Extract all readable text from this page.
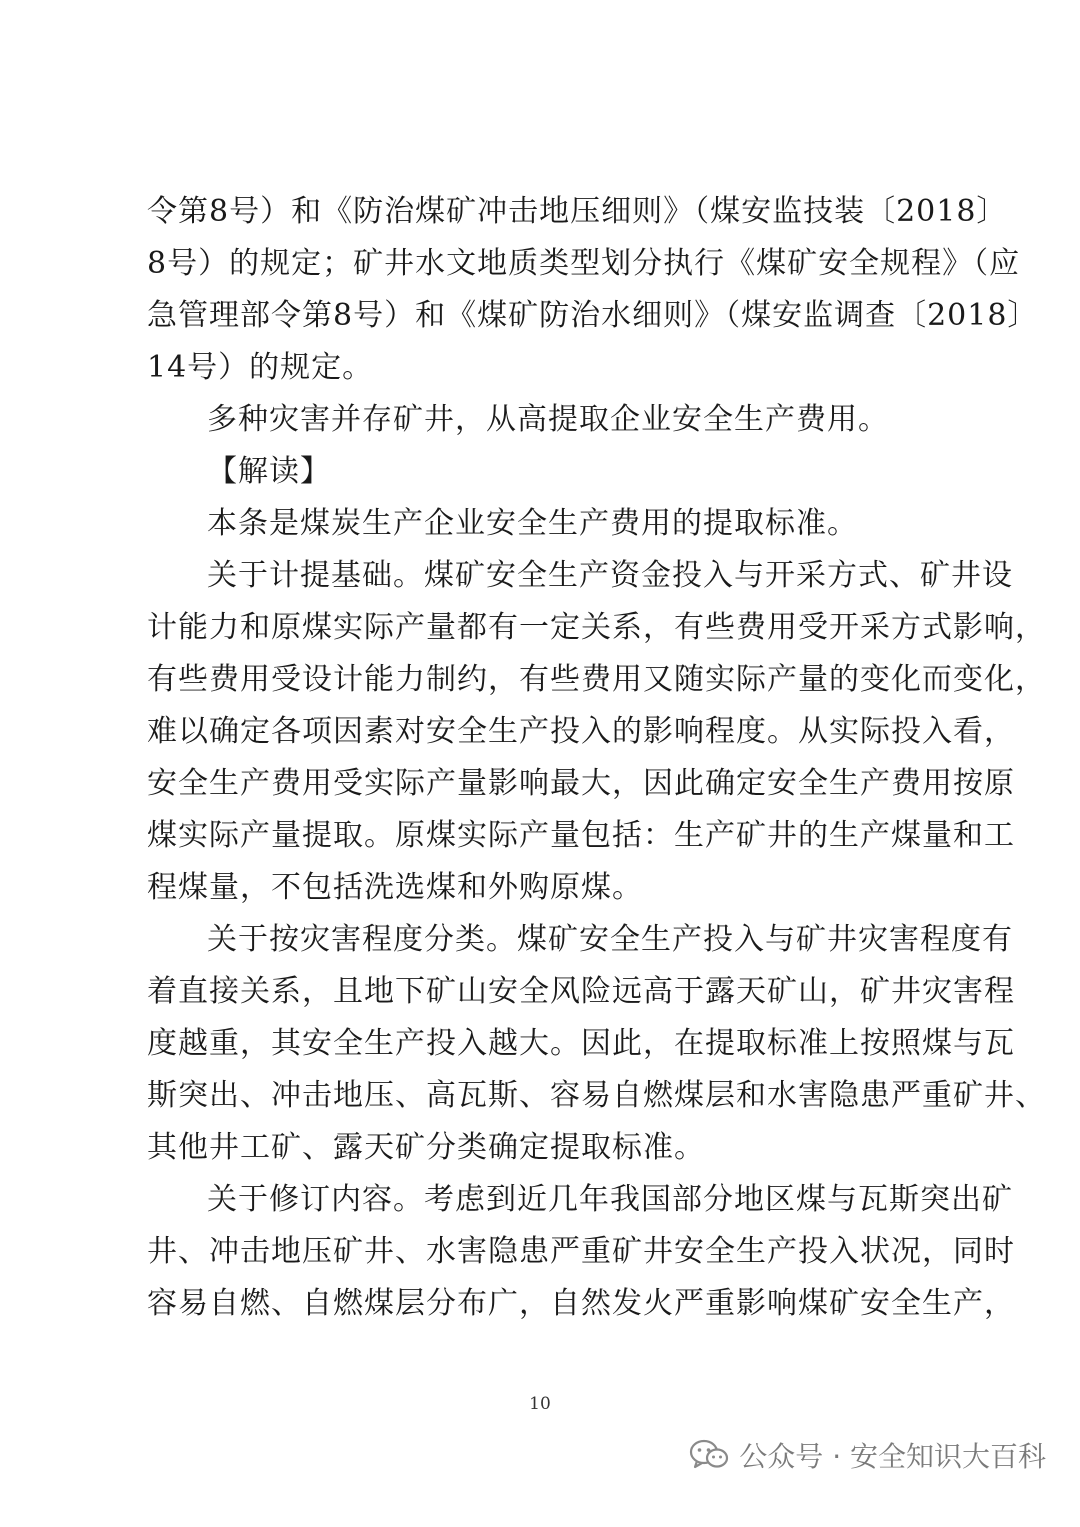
令第8号）和《防治煤矿冲击地压细则》（煤安监技装〔2018〕
8号）的规定；矿井水文地质类型划分执行《煤矿安全规程》（应
急管理部令第8号）和《煤矿防治水细则》（煤安监调查〔2018〕
14号）的规定。
多种灾害并存矿井，从高提取企业安全生产费用。
【解读】
本条是煤炭生产企业安全生产费用的提取标准。
关于计提基础。煤矿安全生产资金投入与开采方式、矿井设
计能力和原煤实际产量都有一定关系，有些费用受开采方式影响，
有些费用受设计能力制约，有些费用又随实际产量的变化而变化，
难以确定各项因素对安全生产投入的影响程度。从实际投入看，
安全生产费用受实际产量影响最大，因此确定安全生产费用按原
煤实际产量提取。原煤实际产量包括：生产矿井的生产煤量和工
程煤量，不包括洗选煤和外购原煤。
关于按灾害程度分类。煤矿安全生产投入与矿井灾害程度有
着直接关系，且地下矿山安全风险远高于露天矿山，矿井灾害程
度越重，其安全生产投入越大。因此，在提取标准上按照煤与瓦
斯突出、冲击地压、高瓦斯、容易自燃煤层和水害隐患严重矿井、
其他井工矿、露天矿分类确定提取标准。
关于修订内容。考虑到近几年我国部分地区煤与瓦斯突出矿
井、冲击地压矿井、水害隐患严重矿井安全生产投入状况，同时
容易自燃、自燃煤层分布广，自然发火严重影响煤矿安全生产，
10
公众号 · 安全知识大百科
